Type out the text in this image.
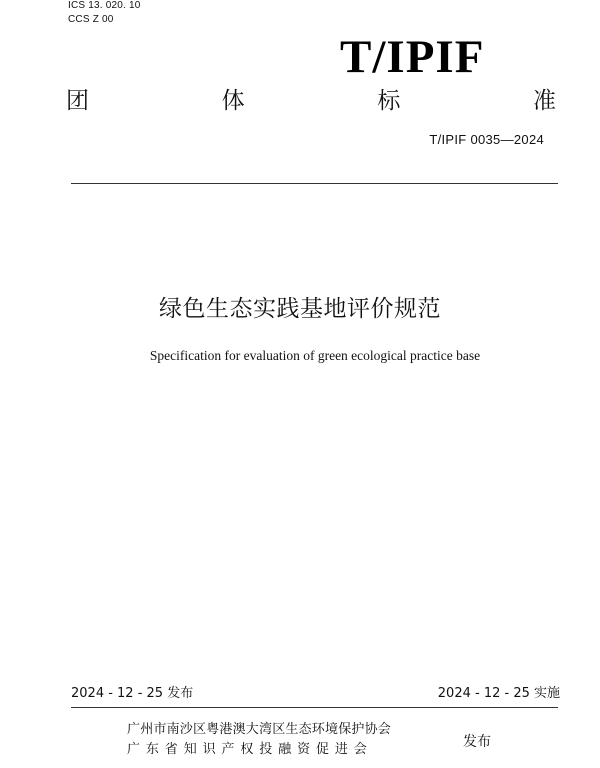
ICS 13. 020. 10
CCS Z 00
T/IPIF
团	体	标	准
T/IPIF 0035—2024
绿色生态实践基地评价规范
Specification for evaluation of green ecological practice base
2024 - 12 - 25 发布	2024 - 12 - 25 实施
广州市南沙区粤港澳大湾区生态环境保护协会
广东省知识产权投融资促进会	发布
